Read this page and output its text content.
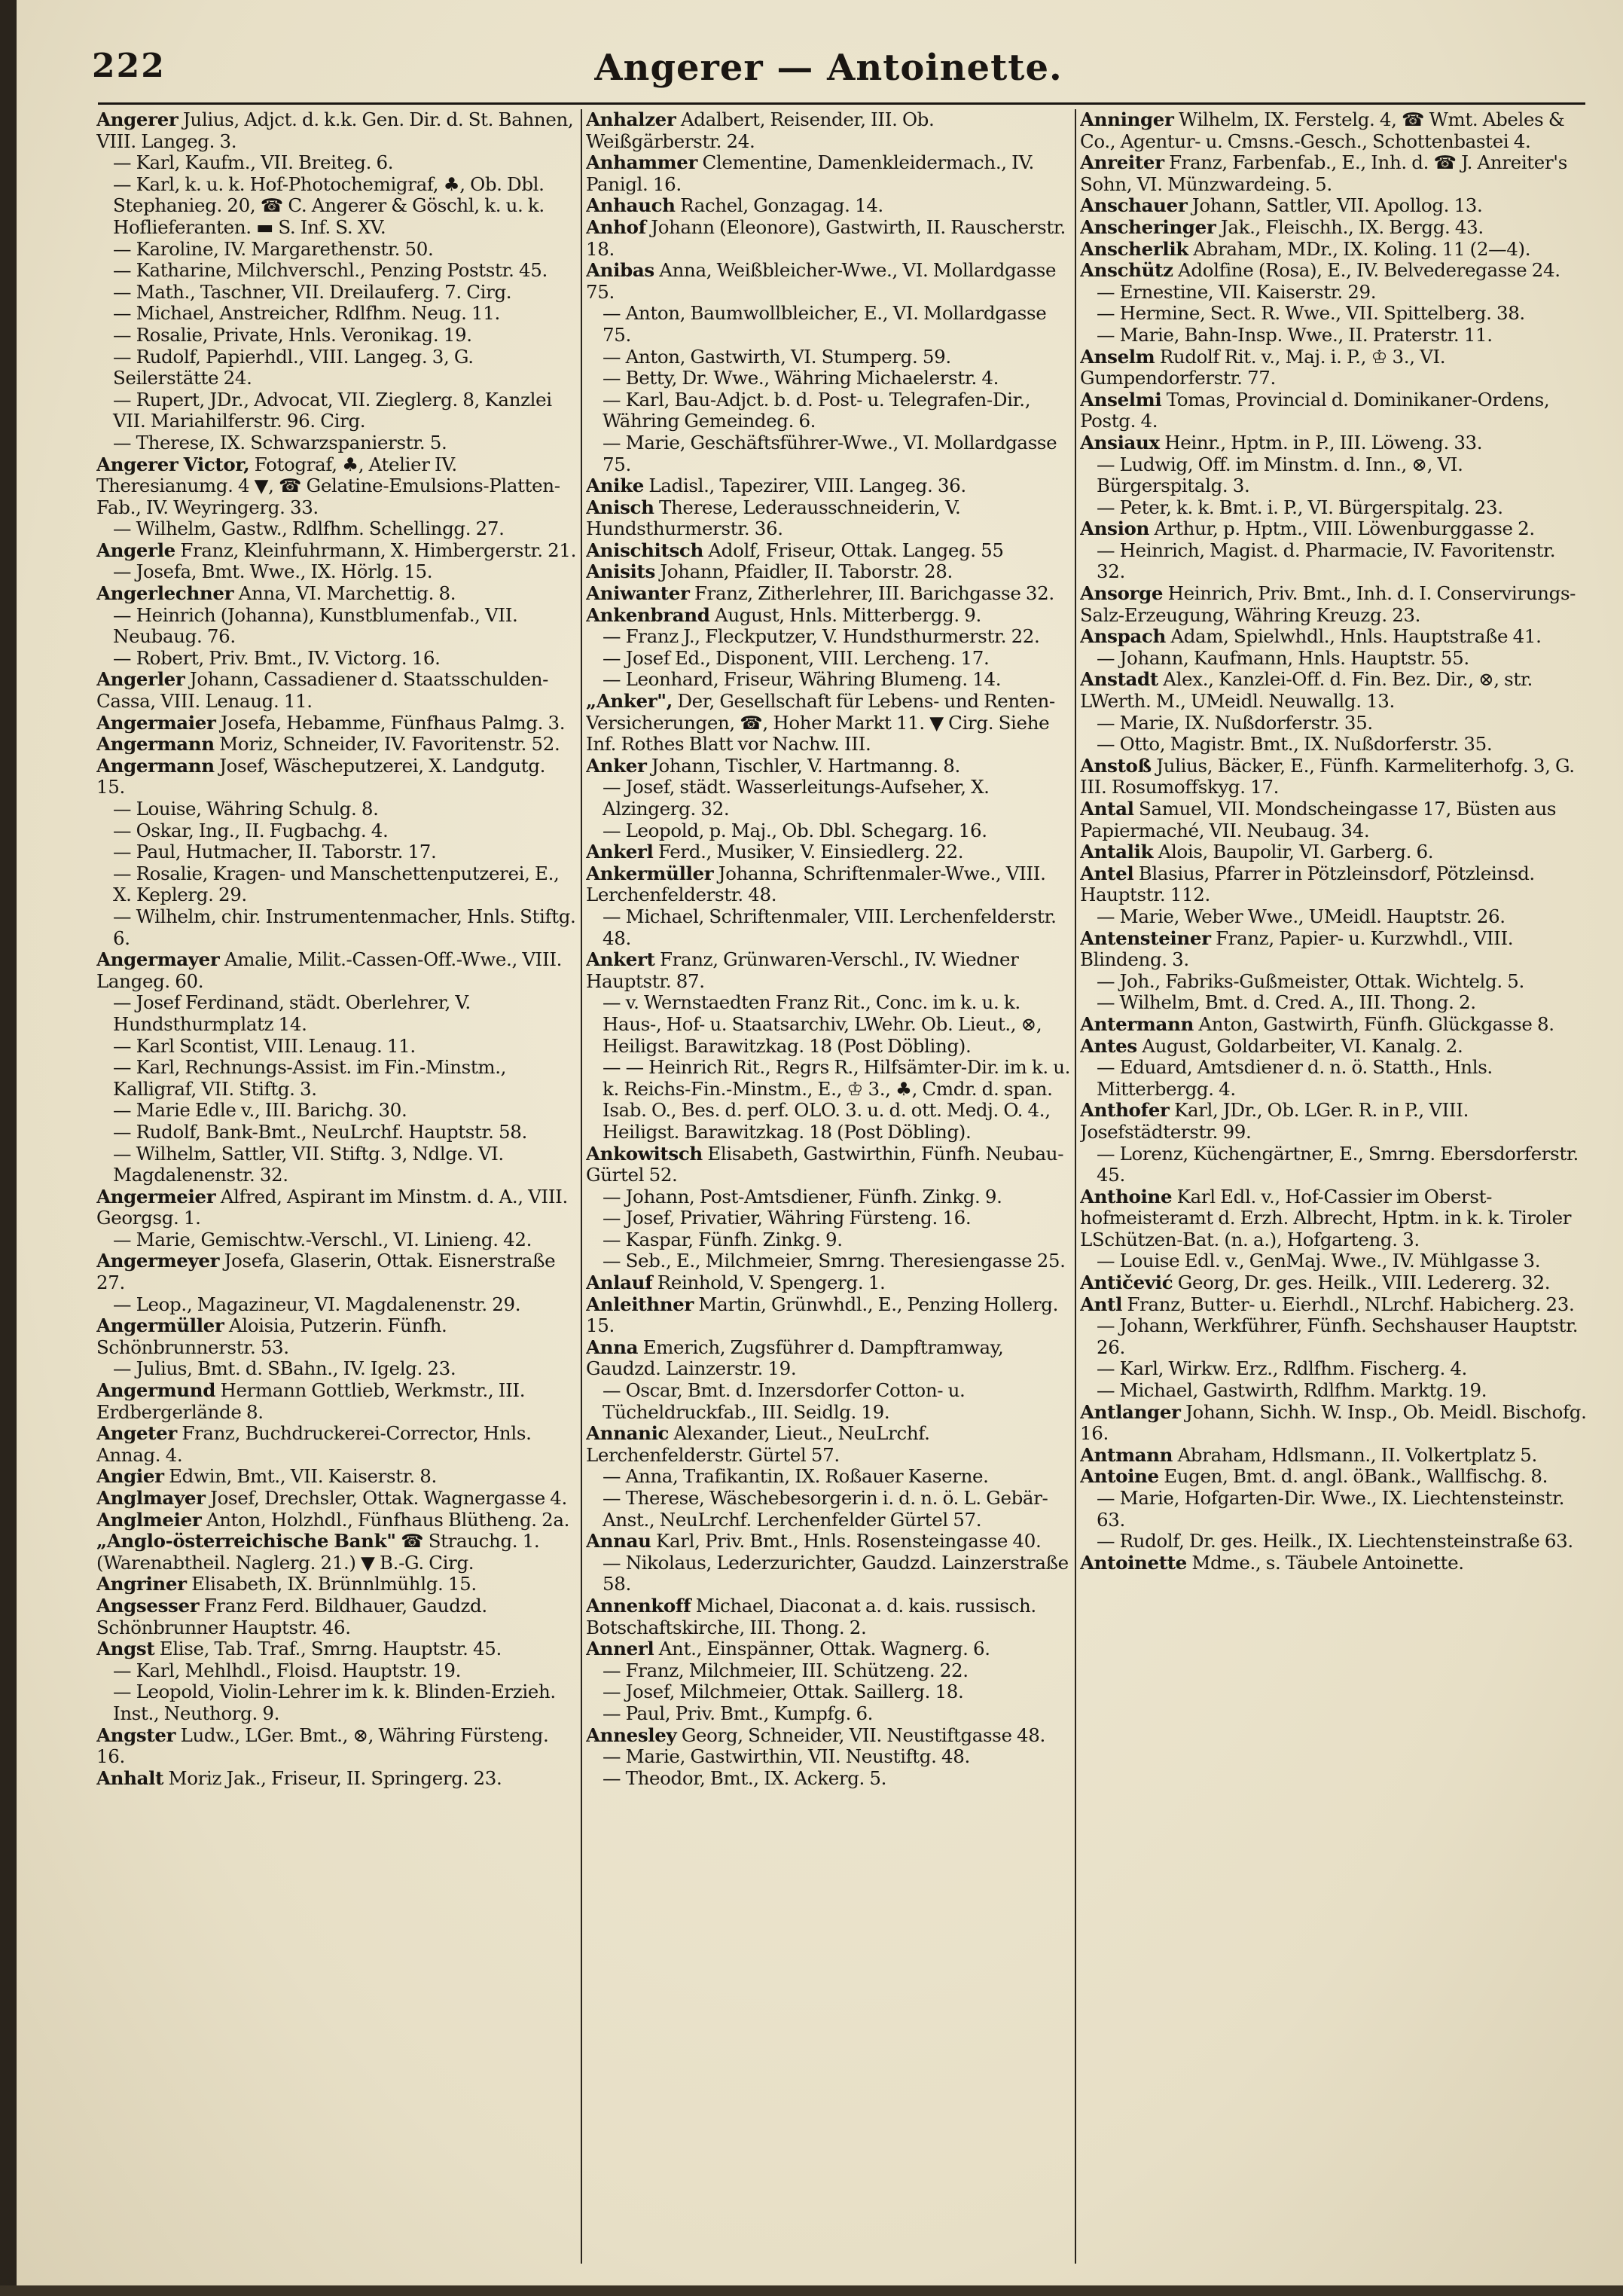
222	Angerer — Antoinette.

Angerer Julius, Adjct. d. k.k. Gen. Dir. d. St. Bahnen, VIII. Langeg. 3.

— Karl, Kaufm., VII. Breiteg. 6.

— Karl, k. u. k. Hof-Photochemigraf, ♣, Ob. Dbl. Stephanieg. 20, ☎ C. Angerer & Göschl, k. u. k. Hoflieferanten. ▬ S. Inf. S. XV.

— Karoline, IV. Margarethenstr. 50.

— Katharine, Milchverschl., Penzing Poststr. 45.

— Math., Taschner, VII. Dreilauferg. 7. Cirg.

— Michael, Anstreicher, Rdlfhm. Neug. 11.

— Rosalie, Private, Hnls. Veronikag. 19.

— Rudolf, Papierhdl., VIII. Langeg. 3, G. Seilerstätte 24.

— Rupert, JDr., Advocat, VII. Zieglerg. 8, Kanzlei VII. Mariahilferstr. 96. Cirg.

— Therese, IX. Schwarzspanierstr. 5.

Angerer Victor, Fotograf, ♣, Atelier IV. Theresianumg. 4 ▼, ☎ Gelatine-Emulsions-Platten-Fab., IV. Weyringerg. 33.

— Wilhelm, Gastw., Rdlfhm. Schellingg. 27.

Angerle Franz, Kleinfuhrmann, X. Himbergerstr. 21.

— Josefa, Bmt. Wwe., IX. Hörlg. 15.

Angerlechner Anna, VI. Marchettig. 8.

— Heinrich (Johanna), Kunstblumenfab., VII. Neubaug. 76.

— Robert, Priv. Bmt., IV. Victorg. 16.

Angerler Johann, Cassadiener d. Staatsschulden-Cassa, VIII. Lenaug. 11.

Angermaier Josefa, Hebamme, Fünfhaus Palmg. 3.

Angermann Moriz, Schneider, IV. Favoritenstr. 52.

Angermann Josef, Wäscheputzerei, X. Landgutg. 15.

— Louise, Währing Schulg. 8.

— Oskar, Ing., II. Fugbachg. 4.

— Paul, Hutmacher, II. Taborstr. 17.

— Rosalie, Kragen- und Manschettenputzerei, E., X. Keplerg. 29.

— Wilhelm, chir. Instrumentenmacher, Hnls. Stiftg. 6.

Angermayer Amalie, Milit.-Cassen-Off.-Wwe., VIII. Langeg. 60.

— Josef Ferdinand, städt. Oberlehrer, V. Hundsthurmplatz 14.

— Karl Scontist, VIII. Lenaug. 11.

— Karl, Rechnungs-Assist. im Fin.-Minstm., Kalligraf, VII. Stiftg. 3.

— Marie Edle v., III. Barichg. 30.

— Rudolf, Bank-Bmt., NeuLrchf. Hauptstr. 58.

— Wilhelm, Sattler, VII. Stiftg. 3, Ndlge. VI. Magdalenenstr. 32.

Angermeier Alfred, Aspirant im Minstm. d. A., VIII. Georgsg. 1.

— Marie, Gemischtw.-Verschl., VI. Linieng. 42.

Angermeyer Josefa, Glaserin, Ottak. Eisnerstraße 27.

— Leop., Magazineur, VI. Magdalenenstr. 29.

Angermüller Aloisia, Putzerin. Fünfh. Schönbrunnerstr. 53.

— Julius, Bmt. d. SBahn., IV. Igelg. 23.

Angermund Hermann Gottlieb, Werkmstr., III. Erdbergerlände 8.

Angeter Franz, Buchdruckerei-Corrector, Hnls. Annag. 4.

Angier Edwin, Bmt., VII. Kaiserstr. 8.

Anglmayer Josef, Drechsler, Ottak. Wagnergasse 4.

Anglmeier Anton, Holzhdl., Fünfhaus Blütheng. 2a.

„Anglo-österreichische Bank" ☎ Strauchg. 1. (Warenabtheil. Naglerg. 21.) ▼ B.-G. Cirg.

Angriner Elisabeth, IX. Brünnlmühlg. 15.

Angsesser Franz Ferd. Bildhauer, Gaudzd. Schönbrunner Hauptstr. 46.

Angst Elise, Tab. Traf., Smrng. Hauptstr. 45.

— Karl, Mehlhdl., Floisd. Hauptstr. 19.

— Leopold, Violin-Lehrer im k. k. Blinden-Erzieh. Inst., Neuthorg. 9.

Angster Ludw., LGer. Bmt., ⊗, Währing Fürsteng. 16.

Anhalt Moriz Jak., Friseur, II. Springerg. 23.

Anhalzer Adalbert, Reisender, III. Ob. Weißgärberstr. 24.

Anhammer Clementine, Damenkleidermach., IV. Panigl. 16.

Anhauch Rachel, Gonzagag. 14.

Anhof Johann (Eleonore), Gastwirth, II. Rauscherstr. 18.

Anibas Anna, Weißbleicher-Wwe., VI. Mollardgasse 75.

— Anton, Baumwollbleicher, E., VI. Mollardgasse 75.

— Anton, Gastwirth, VI. Stumperg. 59.

— Betty, Dr. Wwe., Währing Michaelerstr. 4.

— Karl, Bau-Adjct. b. d. Post- u. Telegrafen-Dir., Währing Gemeindeg. 6.

— Marie, Geschäftsführer-Wwe., VI. Mollardgasse 75.

Anike Ladisl., Tapezirer, VIII. Langeg. 36.

Anisch Therese, Lederausschneiderin, V. Hundsthurmerstr. 36.

Anischitsch Adolf, Friseur, Ottak. Langeg. 55

Anisits Johann, Pfaidler, II. Taborstr. 28.

Aniwanter Franz, Zitherlehrer, III. Barichgasse 32.

Ankenbrand August, Hnls. Mitterbergg. 9.

— Franz J., Fleckputzer, V. Hundsthurmerstr. 22.

— Josef Ed., Disponent, VIII. Lercheng. 17.

— Leonhard, Friseur, Währing Blumeng. 14.

„Anker", Der, Gesellschaft für Lebens- und Renten-Versicherungen, ☎, Hoher Markt 11. ▼ Cirg. Siehe Inf. Rothes Blatt vor Nachw. III.

Anker Johann, Tischler, V. Hartmanng. 8.

— Josef, städt. Wasserleitungs-Aufseher, X. Alzingerg. 32.

— Leopold, p. Maj., Ob. Dbl. Schegarg. 16.

Ankerl Ferd., Musiker, V. Einsiedlerg. 22.

Ankermüller Johanna, Schriftenmaler-Wwe., VIII. Lerchenfelderstr. 48.

— Michael, Schriftenmaler, VIII. Lerchenfelderstr. 48.

Ankert Franz, Grünwaren-Verschl., IV. Wiedner Hauptstr. 87.

— v. Wernstaedten Franz Rit., Conc. im k. u. k. Haus-, Hof- u. Staatsarchiv, LWehr. Ob. Lieut., ⊗, Heiligst. Barawitzkag. 18 (Post Döbling).

— — Heinrich Rit., Regrs R., Hilfsämter-Dir. im k. u. k. Reichs-Fin.-Minstm., E., ♔ 3., ♣, Cmdr. d. span. Isab. O., Bes. d. perf. OLO. 3. u. d. ott. Medj. O. 4., Heiligst. Barawitzkag. 18 (Post Döbling).

Ankowitsch Elisabeth, Gastwirthin, Fünfh. Neubau-Gürtel 52.

— Johann, Post-Amtsdiener, Fünfh. Zinkg. 9.

— Josef, Privatier, Währing Fürsteng. 16.

— Kaspar, Fünfh. Zinkg. 9.

— Seb., E., Milchmeier, Smrng. Theresiengasse 25.

Anlauf Reinhold, V. Spengerg. 1.

Anleithner Martin, Grünwhdl., E., Penzing Hollerg. 15.

Anna Emerich, Zugsführer d. Dampftramway, Gaudzd. Lainzerstr. 19.

— Oscar, Bmt. d. Inzersdorfer Cotton- u. Tücheldruckfab., III. Seidlg. 19.

Annanic Alexander, Lieut., NeuLrchf. Lerchenfelderstr. Gürtel 57.

— Anna, Trafikantin, IX. Roßauer Kaserne.

— Therese, Wäschebesorgerin i. d. n. ö. L. Gebär-Anst., NeuLrchf. Lerchenfelder Gürtel 57.

Annau Karl, Priv. Bmt., Hnls. Rosensteingasse 40.

— Nikolaus, Lederzurichter, Gaudzd. Lainzerstraße 58.

Annenkoff Michael, Diaconat a. d. kais. russisch. Botschaftskirche, III. Thong. 2.

Annerl Ant., Einspänner, Ottak. Wagnerg. 6.

— Franz, Milchmeier, III. Schützeng. 22.

— Josef, Milchmeier, Ottak. Saillerg. 18.

— Paul, Priv. Bmt., Kumpfg. 6.

Annesley Georg, Schneider, VII. Neustiftgasse 48.

— Marie, Gastwirthin, VII. Neustiftg. 48.

— Theodor, Bmt., IX. Ackerg. 5.

Anninger Wilhelm, IX. Ferstelg. 4, ☎ Wmt. Abeles & Co., Agentur- u. Cmsns.-Gesch., Schottenbastei 4.

Anreiter Franz, Farbenfab., E., Inh. d. ☎ J. Anreiter's Sohn, VI. Münzwardeing. 5.

Anschauer Johann, Sattler, VII. Apollog. 13.

Anscheringer Jak., Fleischh., IX. Bergg. 43.

Anscherlik Abraham, MDr., IX. Koling. 11 (2—4).

Anschütz Adolfine (Rosa), E., IV. Belvederegasse 24.

— Ernestine, VII. Kaiserstr. 29.

— Hermine, Sect. R. Wwe., VII. Spittelberg. 38.

— Marie, Bahn-Insp. Wwe., II. Praterstr. 11.

Anselm Rudolf Rit. v., Maj. i. P., ♔ 3., VI. Gumpendorferstr. 77.

Anselmi Tomas, Provincial d. Dominikaner-Ordens, Postg. 4.

Ansiaux Heinr., Hptm. in P., III. Löweng. 33.

— Ludwig, Off. im Minstm. d. Inn., ⊗, VI. Bürgerspitalg. 3.

— Peter, k. k. Bmt. i. P., VI. Bürgerspitalg. 23.

Ansion Arthur, p. Hptm., VIII. Löwenburggasse 2.

— Heinrich, Magist. d. Pharmacie, IV. Favoritenstr. 32.

Ansorge Heinrich, Priv. Bmt., Inh. d. I. Conservirungs-Salz-Erzeugung, Währing Kreuzg. 23.

Anspach Adam, Spielwhdl., Hnls. Hauptstraße 41.

— Johann, Kaufmann, Hnls. Hauptstr. 55.

Anstadt Alex., Kanzlei-Off. d. Fin. Bez. Dir., ⊗, str. LWerth. M., UMeidl. Neuwallg. 13.

— Marie, IX. Nußdorferstr. 35.

— Otto, Magistr. Bmt., IX. Nußdorferstr. 35.

Anstoß Julius, Bäcker, E., Fünfh. Karmeliterhofg. 3, G. III. Rosumoffskyg. 17.

Antal Samuel, VII. Mondscheingasse 17, Büsten aus Papiermaché, VII. Neubaug. 34.

Antalik Alois, Baupolir, VI. Garberg. 6.

Antel Blasius, Pfarrer in Pötzleinsdorf, Pötzleinsd. Hauptstr. 112.

— Marie, Weber Wwe., UMeidl. Hauptstr. 26.

Antensteiner Franz, Papier- u. Kurzwhdl., VIII. Blindeng. 3.

— Joh., Fabriks-Gußmeister, Ottak. Wichtelg. 5.

— Wilhelm, Bmt. d. Cred. A., III. Thong. 2.

Antermann Anton, Gastwirth, Fünfh. Glückgasse 8.

Antes August, Goldarbeiter, VI. Kanalg. 2.

— Eduard, Amtsdiener d. n. ö. Statth., Hnls. Mitterbergg. 4.

Anthofer Karl, JDr., Ob. LGer. R. in P., VIII. Josefstädterstr. 99.

— Lorenz, Küchengärtner, E., Smrng. Ebersdorferstr. 45.

Anthoine Karl Edl. v., Hof-Cassier im Oberst-hofmeisteramt d. Erzh. Albrecht, Hptm. in k. k. Tiroler LSchützen-Bat. (n. a.), Hofgarteng. 3.

— Louise Edl. v., GenMaj. Wwe., IV. Mühlgasse 3.

Antičević Georg, Dr. ges. Heilk., VIII. Ledererg. 32.

Antl Franz, Butter- u. Eierhdl., NLrchf. Habicherg. 23.

— Johann, Werkführer, Fünfh. Sechshauser Hauptstr. 26.

— Karl, Wirkw. Erz., Rdlfhm. Fischerg. 4.

— Michael, Gastwirth, Rdlfhm. Marktg. 19.

Antlanger Johann, Sichh. W. Insp., Ob. Meidl. Bischofg. 16.

Antmann Abraham, Hdlsmann., II. Volkertplatz 5.

Antoine Eugen, Bmt. d. angl. öBank., Wallfischg. 8.

— Marie, Hofgarten-Dir. Wwe., IX. Liechtensteinstr. 63.

— Rudolf, Dr. ges. Heilk., IX. Liechtensteinstraße 63.

Antoinette Mdme., s. Täubele Antoinette.
